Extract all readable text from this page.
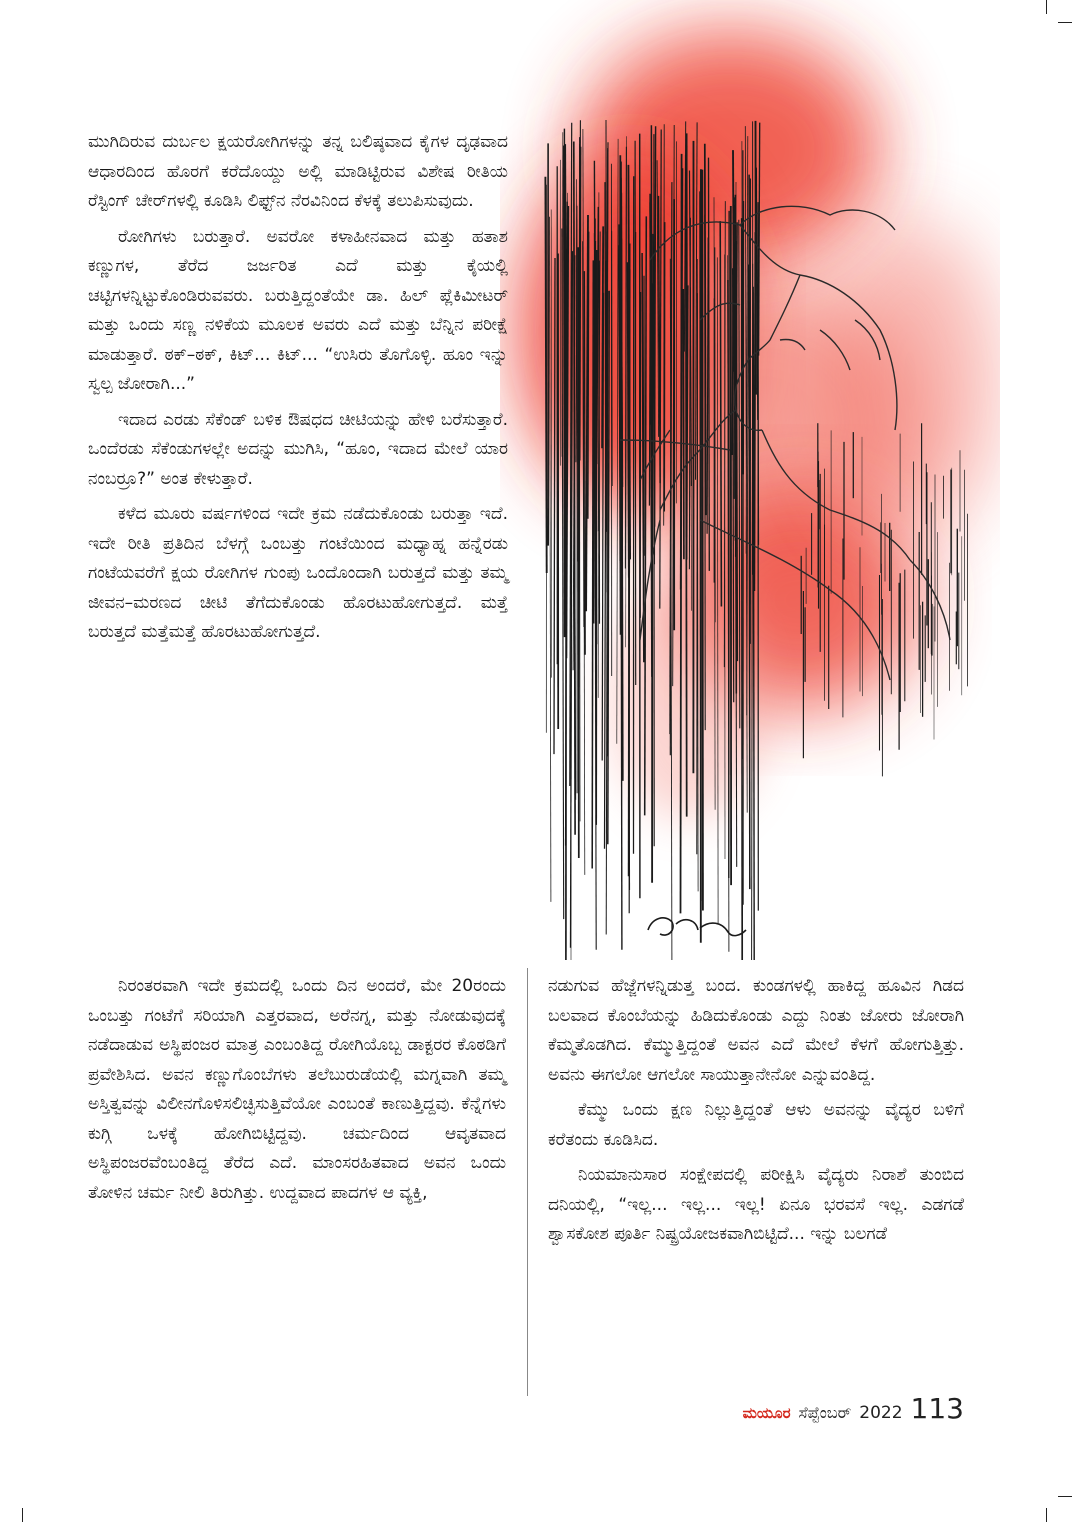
ಮುಗಿದಿರುವ ದುರ್ಬಲ ಕ್ಷಯರೋಗಿಗಳನ್ನು ತನ್ನ ಬಲಿಷ್ಠವಾದ ಕೈಗಳ ದೃಢವಾದ ಆಧಾರದಿಂದ ಹೊರಗೆ ಕರೆದೊಯ್ದು ಅಲ್ಲಿ ಮಾಡಿಟ್ಟಿರುವ ವಿಶೇಷ ರೀತಿಯ ರೆಸ್ಟಿಂಗ್ ಚೇರ್‌ಗಳಲ್ಲಿ ಕೂಡಿಸಿ ಲಿಫ್ಟ್‌ನ ನೆರವಿನಿಂದ ಕೆಳಕ್ಕೆ ತಲುಪಿಸುವುದು.

ರೋಗಿಗಳು ಬರುತ್ತಾರೆ. ಅವರೋ ಕಳಾಹೀನವಾದ ಮತ್ತು ಹತಾಶ ಕಣ್ಣುಗಳ, ತೆರೆದ ಜರ್ಜರಿತ ಎದೆ ಮತ್ತು ಕೈಯಲ್ಲಿ ಚಟ್ಟಿಗಳನ್ನಿಟ್ಟುಕೊಂಡಿರುವವರು. ಬರುತ್ತಿದ್ದಂತೆಯೇ ಡಾ. ಹಿಲ್ ಪ್ಲೆಕಿಮೀಟರ್ ಮತ್ತು ಒಂದು ಸಣ್ಣ ನಳಿಕೆಯ ಮೂಲಕ ಅವರು ಎದೆ ಮತ್ತು ಬೆನ್ನಿನ ಪರೀಕ್ಷೆ ಮಾಡುತ್ತಾರೆ. ಠಕ್–ಠಕ್, ಕಿಟ್... ಕಿಟ್... “ಉಸಿರು ತೊಗೊಳ್ಳಿ. ಹೂಂ ಇನ್ನು ಸ್ವಲ್ಪ ಜೋರಾಗಿ...”

ಇದಾದ ಎರಡು ಸೆಕೆಂಡ್ ಬಳಿಕ ಔಷಧದ ಚೀಟಿಯನ್ನು ಹೇಳಿ ಬರೆಸುತ್ತಾರೆ. ಒಂದೆರಡು ಸೆಕೆಂಡುಗಳಲ್ಲೇ ಅದನ್ನು ಮುಗಿಸಿ, “ಹೂಂ, ಇದಾದ ಮೇಲೆ ಯಾರ ನಂಬರ‍್ರೂ?” ಅಂತ ಕೇಳುತ್ತಾರೆ.

ಕಳೆದ ಮೂರು ವರ್ಷಗಳಿಂದ ಇದೇ ಕ್ರಮ ನಡೆದುಕೊಂಡು ಬರುತ್ತಾ ಇದೆ. ಇದೇ ರೀತಿ ಪ್ರತಿದಿನ ಬೆಳಗ್ಗೆ ಒಂಬತ್ತು ಗಂಟೆಯಿಂದ ಮಧ್ಯಾಹ್ನ ಹನ್ನೆರಡು ಗಂಟೆಯವರೆಗೆ ಕ್ಷಯ ರೋಗಿಗಳ ಗುಂಪು ಒಂದೊಂದಾಗಿ ಬರುತ್ತದೆ ಮತ್ತು ತಮ್ಮ ಜೀವನ–ಮರಣದ ಚೀಟಿ ತೆಗೆದುಕೊಂಡು ಹೊರಟುಹೋಗುತ್ತದೆ. ಮತ್ತೆ ಬರುತ್ತದೆ ಮತ್ತೆಮತ್ತೆ ಹೊರಟುಹೋಗುತ್ತದೆ.

ನಿರಂತರವಾಗಿ ಇದೇ ಕ್ರಮದಲ್ಲಿ ಒಂದು ದಿನ ಅಂದರೆ, ಮೇ 20ರಂದು ಒಂಬತ್ತು ಗಂಟೆಗೆ ಸರಿಯಾಗಿ ಎತ್ತರವಾದ, ಅರೆನಗ್ನ, ಮತ್ತು ನೋಡುವುದಕ್ಕೆ ನಡೆದಾಡುವ ಅಸ್ಥಿಪಂಜರ ಮಾತ್ರ ಎಂಬಂತಿದ್ದ ರೋಗಿಯೊಬ್ಬ ಡಾಕ್ಟರರ ಕೊಠಡಿಗೆ ಪ್ರವೇಶಿಸಿದ. ಅವನ ಕಣ್ಣುಗೊಂಬೆಗಳು ತಲೆಬುರುಡೆಯಲ್ಲಿ ಮಗ್ನವಾಗಿ ತಮ್ಮ ಅಸ್ತಿತ್ವವನ್ನು ವಿಲೀನಗೊಳಿಸಲಿಚ್ಛಿಸುತ್ತಿವೆಯೋ ಎಂಬಂತೆ ಕಾಣುತ್ತಿದ್ದವು. ಕೆನ್ನೆಗಳು ಕುಗ್ಗಿ ಒಳಕ್ಕೆ ಹೋಗಿಬಿಟ್ಟಿದ್ದವು. ಚರ್ಮದಿಂದ ಆವೃತವಾದ ಅಸ್ಥಿಪಂಜರವೆಂಬಂತಿದ್ದ ತೆರೆದ ಎದೆ. ಮಾಂಸರಹಿತವಾದ ಅವನ ಒಂದು ತೋಳಿನ ಚರ್ಮ ನೀಲಿ ತಿರುಗಿತ್ತು. ಉದ್ದವಾದ ಪಾದಗಳ ಆ ವ್ಯಕ್ತಿ,

ನಡುಗುವ ಹೆಜ್ಜೆಗಳನ್ನಿಡುತ್ತ ಬಂದ. ಕುಂಡಗಳಲ್ಲಿ ಹಾಕಿದ್ದ ಹೂವಿನ ಗಿಡದ ಬಲವಾದ ಕೊಂಬೆಯನ್ನು ಹಿಡಿದುಕೊಂಡು ಎದ್ದು ನಿಂತು ಜೋರು ಜೋರಾಗಿ ಕೆಮ್ಮತೊಡಗಿದ. ಕೆಮ್ಮುತ್ತಿದ್ದಂತೆ ಅವನ ಎದೆ ಮೇಲೆ ಕೆಳಗೆ ಹೋಗುತ್ತಿತ್ತು. ಅವನು ಈಗಲೋ ಆಗಲೋ ಸಾಯುತ್ತಾನೇನೋ ಎನ್ನುವಂತಿದ್ದ.

ಕೆಮ್ಮು ಒಂದು ಕ್ಷಣ ನಿಲ್ಲುತ್ತಿದ್ದಂತೆ ಆಳು ಅವನನ್ನು ವೈದ್ಯರ ಬಳಿಗೆ ಕರೆತಂದು ಕೂಡಿಸಿದ.

ನಿಯಮಾನುಸಾರ ಸಂಕ್ಷೇಪದಲ್ಲಿ ಪರೀಕ್ಷಿಸಿ ವೈದ್ಯರು ನಿರಾಶೆ ತುಂಬಿದ ದನಿಯಲ್ಲಿ, “ಇಲ್ಲ... ಇಲ್ಲ... ಇಲ್ಲ! ಏನೂ ಭರವಸೆ ಇಲ್ಲ. ಎಡಗಡೆ ಶ್ವಾಸಕೋಶ ಪೂರ್ತಿ ನಿಷ್ಪ್ರಯೋಜಕವಾಗಿಬಿಟ್ಟಿದೆ... ಇನ್ನು ಬಲಗಡೆ

ಮಯೂರ ಸೆಪ್ಟೆಂಬರ್ 2022 113
